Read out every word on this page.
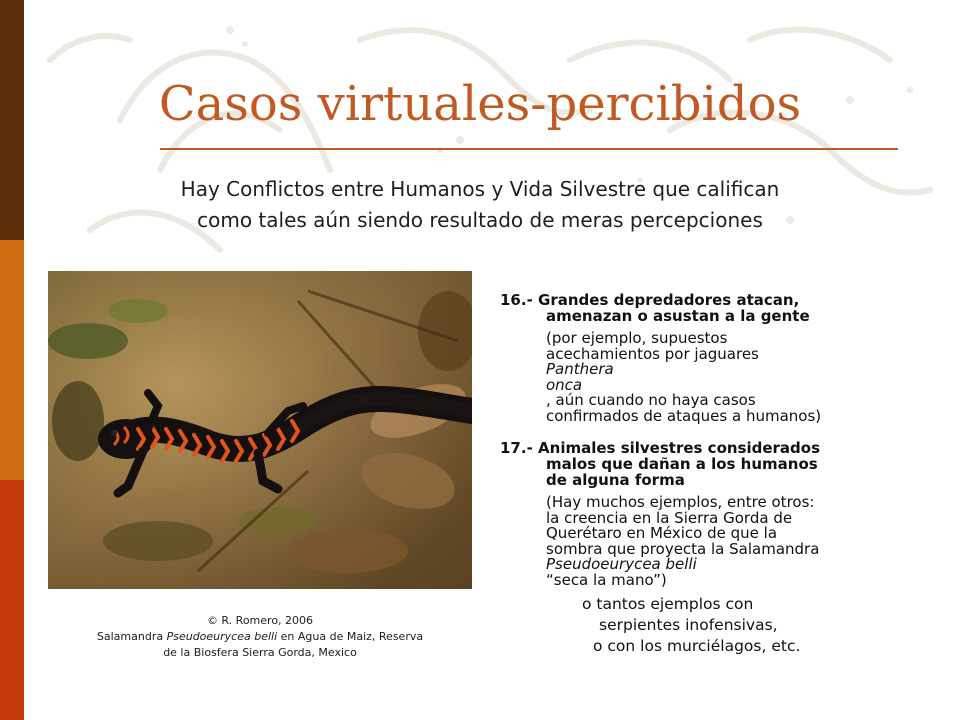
Casos virtuales-percibidos
Hay Conflictos entre Humanos y Vida Silvestre que califican
como tales aún siendo resultado de meras percepciones
© R. Romero, 2006
Salamandra Pseudoeurycea belli en Agua de Maiz, Reserva
de la Biosfera Sierra Gorda, Mexico

16.- Grandes depredadores atacan,
amenazan o asustan a la gente

(por ejemplo, supuestos
acechamientos por jaguares
Panthera
onca
, aún cuando no haya casos
confirmados de ataques a humanos)

17.- Animales silvestres considerados
malos que dañan a los humanos
de alguna forma

(Hay muchos ejemplos, entre otros:
la creencia en la Sierra Gorda de
Querétaro en México de que la
sombra que proyecta la Salamandra
Pseudoeurycea belli
“seca la mano”)

o tantos ejemplos con

serpientes inofensivas,

o con los murciélagos, etc.
